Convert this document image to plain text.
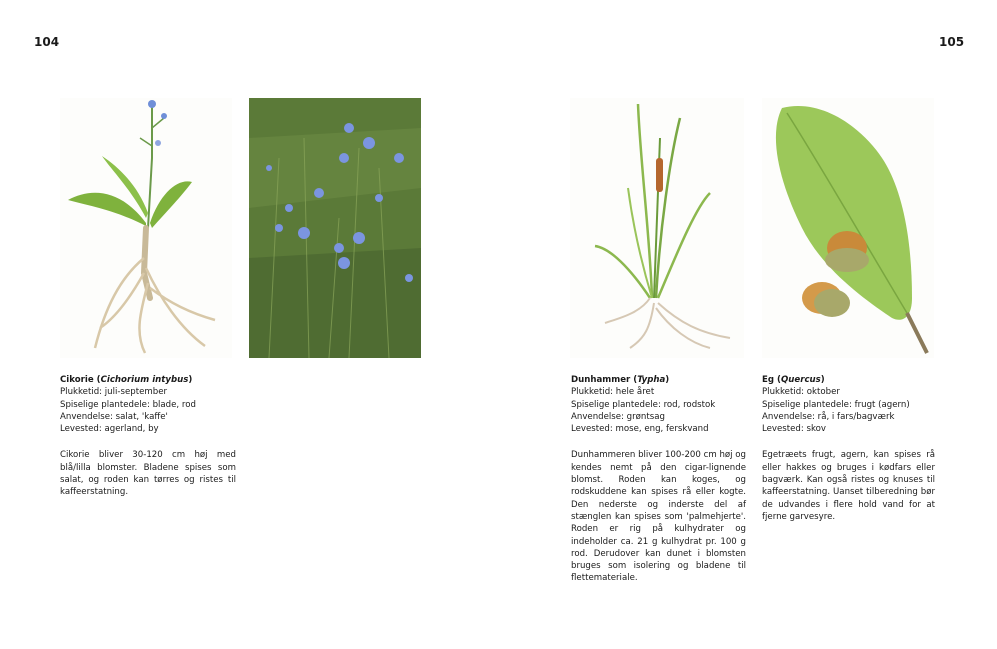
104	105
Cikorie (Cichorium intybus)
Plukketid: juli-september
Spiselige plantedele: blade, rod
Anvendelse: salat, 'kaffe'
Levested: agerland, by
Cikorie bliver 30-120 cm høj med blå/lilla blomster. Bladene spises som salat, og roden kan tørres og ristes til kaffeerstatning.
Dunhammer (Typha)
Plukketid: hele året
Spiselige plantedele: rod, rodstok
Anvendelse: grøntsag
Levested: mose, eng, ferskvand
Dunhammeren bliver 100-200 cm høj og kendes nemt på den cigar-lignende blomst. Roden kan koges, og rodskuddene kan spises rå eller kogte. Den nederste og inderste del af stænglen kan spises som 'palmehjerte'. Roden er rig på kulhydrater og indeholder ca. 21 g kulhydrat pr. 100 g rod. Derudover kan dunet i blomsten bruges som isolering og bladene til flettemateriale.
Eg (Quercus)
Plukketid: oktober
Spiselige plantedele: frugt (agern)
Anvendelse: rå, i fars/bagværk
Levested: skov
Egetræets frugt, agern, kan spises rå eller hakkes og bruges i kødfars eller bagværk. Kan også ristes og knuses til kaffeerstatning. Uanset tilberedning bør de udvandes i flere hold vand for at fjerne garvesyre.
